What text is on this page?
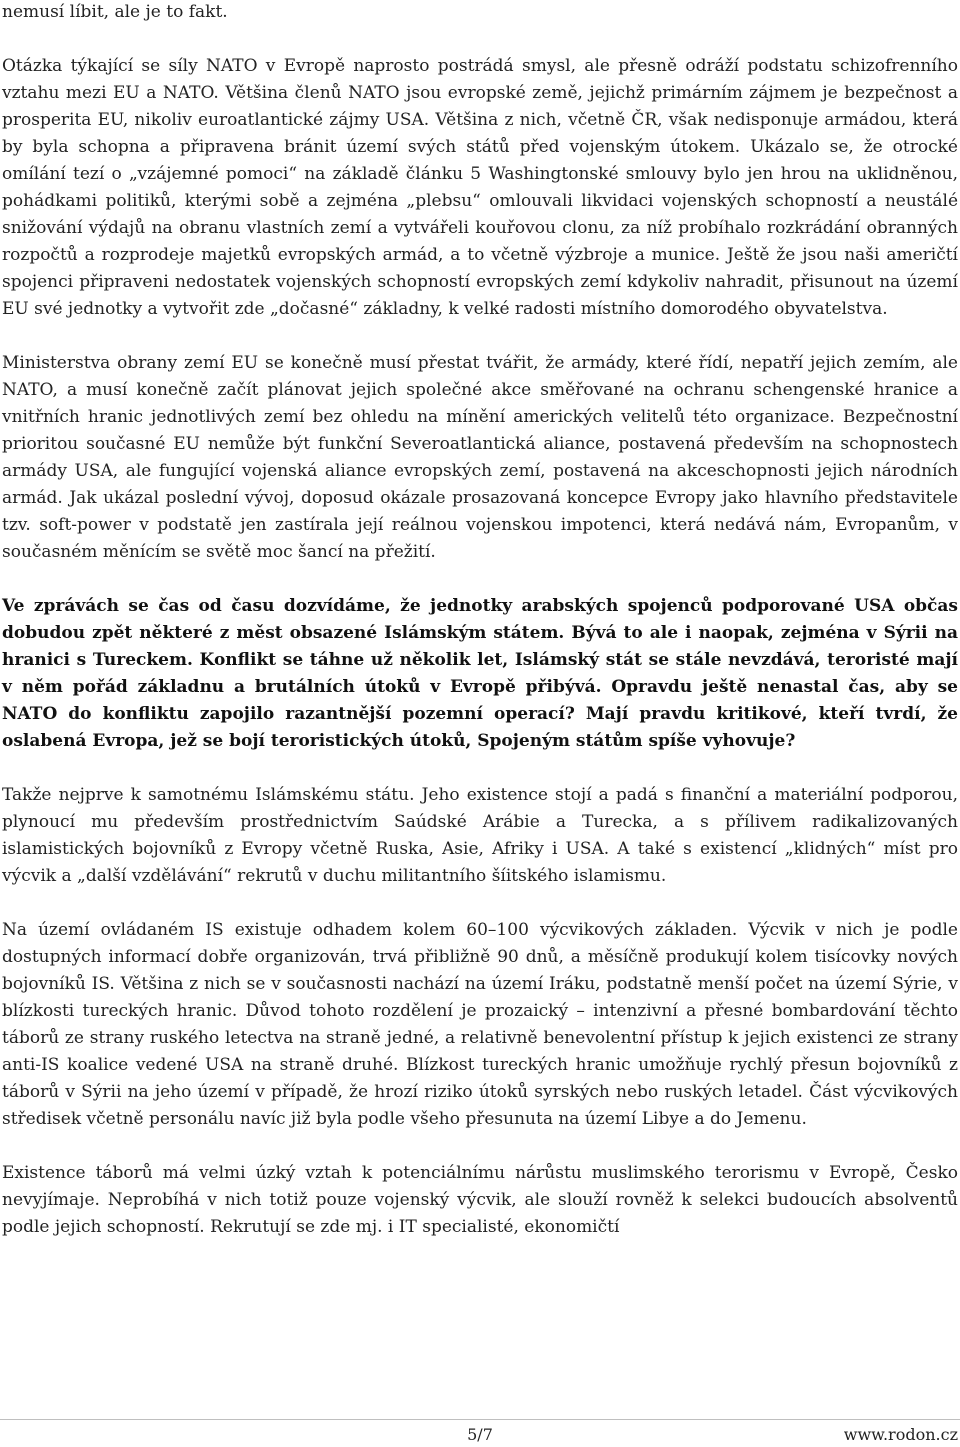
nemusí líbit, ale je to fakt.

Otázka týkající se síly NATO v Evropě naprosto postrádá smysl, ale přesně odráží podstatu schizofrenního vztahu mezi EU a NATO. Většina členů NATO jsou evropské země, jejichž primárním zájmem je bezpečnost a prosperita EU, nikoliv euroatlantické zájmy USA. Většina z nich, včetně ČR, však nedisponuje armádou, která by byla schopna a připravena bránit území svých států před vojenským útokem. Ukázalo se, že otrocké omílání tezí o „vzájemné pomoci“ na základě článku 5 Washingtonské smlouvy bylo jen hrou na uklidněnou, pohádkami politiků, kterými sobě a zejména „plebsu“ omlouvali likvidaci vojenských schopností a neustálé snižování výdajů na obranu vlastních zemí a vytvářeli kouřovou clonu, za níž probíhalo rozkrádání obranných rozpočtů a rozprodeje majetků evropských armád, a to včetně výzbroje a munice. Ještě že jsou naši američtí spojenci připraveni nedostatek vojenských schopností evropských zemí kdykoliv nahradit, přisunout na území EU své jednotky a vytvořit zde „dočasné“ základny, k velké radosti místního domorodého obyvatelstva.

Ministerstva obrany zemí EU se konečně musí přestat tvářit, že armády, které řídí, nepatří jejich zemím, ale NATO, a musí konečně začít plánovat jejich společné akce směřované na ochranu schengenské hranice a vnitřních hranic jednotlivých zemí bez ohledu na mínění amerických velitelů této organizace. Bezpečnostní prioritou současné EU nemůže být funkční Severoatlantická aliance, postavená především na schopnostech armády USA, ale fungující vojenská aliance evropských zemí, postavená na akceschopnosti jejich národních armád. Jak ukázal poslední vývoj, doposud okázale prosazovaná koncepce Evropy jako hlavního představitele tzv. soft-power v podstatě jen zastírala její reálnou vojenskou impotenci, která nedává nám, Evropanům, v současném měnícím se světě moc šancí na přežití.

Ve zprávách se čas od času dozvídáme, že jednotky arabských spojenců podporované USA občas dobudou zpět některé z měst obsazené Islámským státem. Bývá to ale i naopak, zejména v Sýrii na hranici s Tureckem. Konflikt se táhne už několik let, Islámský stát se stále nevzdává, teroristé mají v něm pořád základnu a brutálních útoků v Evropě přibývá. Opravdu ještě nenastal čas, aby se NATO do konfliktu zapojilo razantnější pozemní operací? Mají pravdu kritikové, kteří tvrdí, že oslabená Evropa, jež se bojí teroristických útoků, Spojeným státům spíše vyhovuje?

Takže nejprve k samotnému Islámskému státu. Jeho existence stojí a padá s finanční a materiální podporou, plynoucí mu především prostřednictvím Saúdské Arábie a Turecka, a s přílivem radikalizovaných islamistických bojovníků z Evropy včetně Ruska, Asie, Afriky i USA. A také s existencí „klidných“ míst pro výcvik a „další vzdělávání“ rekrutů v duchu militantního šíitského islamismu.

Na území ovládaném IS existuje odhadem kolem 60–100 výcvikových základen. Výcvik v nich je podle dostupných informací dobře organizován, trvá přibližně 90 dnů, a měsíčně produkují kolem tisícovky nových bojovníků IS. Většina z nich se v současnosti nachází na území Iráku, podstatně menší počet na území Sýrie, v blízkosti tureckých hranic. Důvod tohoto rozdělení je prozaický – intenzivní a přesné bombardování těchto táborů ze strany ruského letectva na straně jedné, a relativně benevolentní přístup k jejich existenci ze strany anti-IS koalice vedené USA na straně druhé. Blízkost tureckých hranic umožňuje rychlý přesun bojovníků z táborů v Sýrii na jeho území v případě, že hrozí riziko útoků syrských nebo ruských letadel. Část výcvikových středisek včetně personálu navíc již byla podle všeho přesunuta na území Libye a do Jemenu.

Existence táborů má velmi úzký vztah k potenciálnímu nárůstu muslimského terorismu v Evropě, Česko nevyjímaje. Neprobíhá v nich totiž pouze vojenský výcvik, ale slouží rovněž k selekci budoucích absolventů podle jejich schopností. Rekrutují se zde mj. i IT specialisté, ekonomičtí

5/7	www.rodon.cz
